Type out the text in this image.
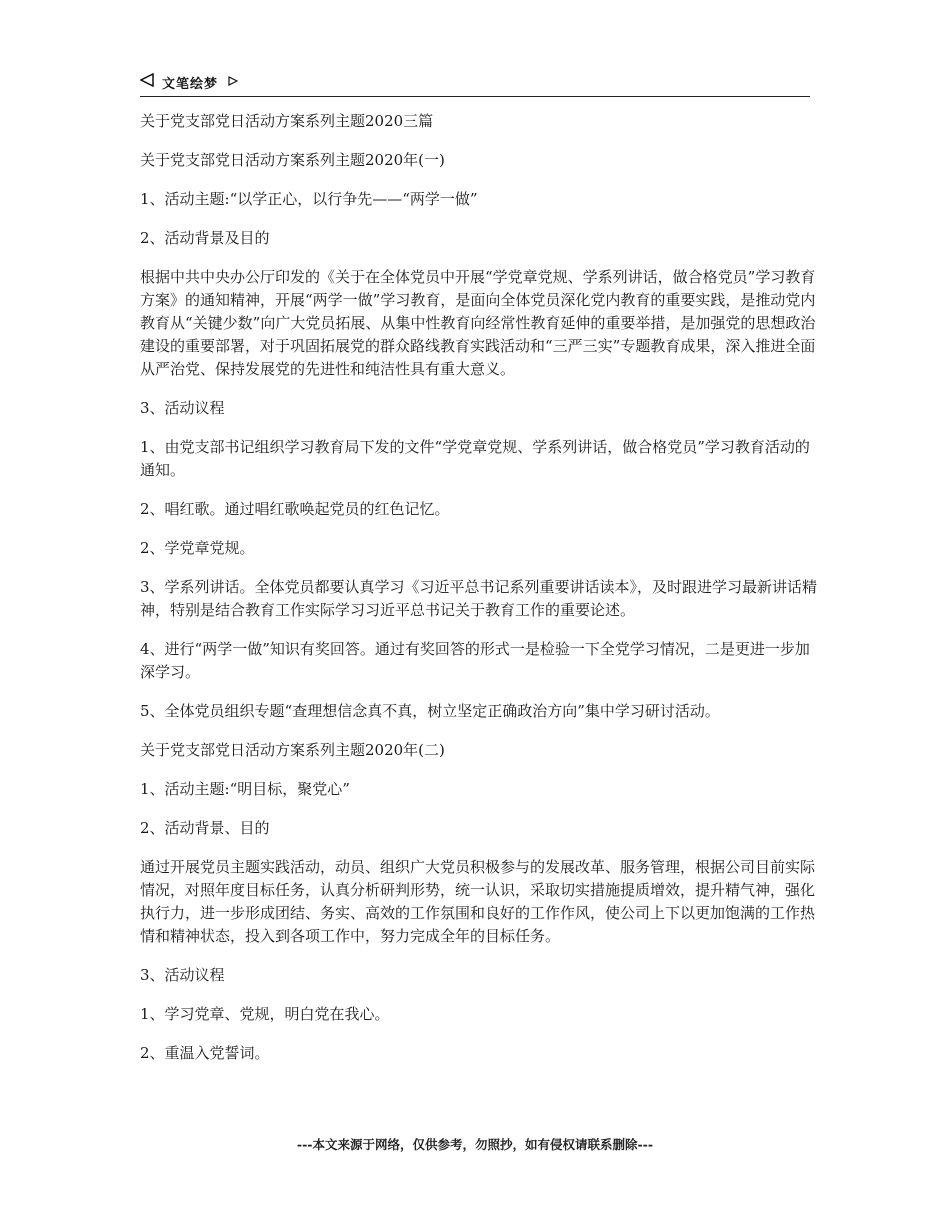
文笔绘梦

关于党支部党日活动方案系列主题2020三篇

关于党支部党日活动方案系列主题2020年(一)

1、活动主题:“以学正心，以行争先——“两学一做”

2、活动背景及目的

根据中共中央办公厅印发的《关于在全体党员中开展“学党章党规、学系列讲话，做合格党员”学习教育方案》的通知精神，开展“两学一做”学习教育，是面向全体党员深化党内教育的重要实践，是推动党内教育从“关键少数”向广大党员拓展、从集中性教育向经常性教育延伸的重要举措，是加强党的思想政治建设的重要部署，对于巩固拓展党的群众路线教育实践活动和“三严三实”专题教育成果，深入推进全面从严治党、保持发展党的先进性和纯洁性具有重大意义。

3、活动议程

1、由党支部书记组织学习教育局下发的文件“学党章党规、学系列讲话，做合格党员”学习教育活动的通知。

2、唱红歌。通过唱红歌唤起党员的红色记忆。

2、学党章党规。

3、学系列讲话。全体党员都要认真学习《习近平总书记系列重要讲话读本》，及时跟进学习最新讲话精神，特别是结合教育工作实际学习习近平总书记关于教育工作的重要论述。

4、进行“两学一做”知识有奖回答。通过有奖回答的形式一是检验一下全党学习情况，二是更进一步加深学习。

5、全体党员组织专题“查理想信念真不真，树立坚定正确政治方向”集中学习研讨活动。

关于党支部党日活动方案系列主题2020年(二)

1、活动主题:“明目标，聚党心”

2、活动背景、目的

通过开展党员主题实践活动，动员、组织广大党员积极参与的发展改革、服务管理，根据公司目前实际情况，对照年度目标任务，认真分析研判形势，统一认识，采取切实措施提质增效，提升精气神，强化执行力，进一步形成团结、务实、高效的工作氛围和良好的工作作风，使公司上下以更加饱满的工作热情和精神状态，投入到各项工作中，努力完成全年的目标任务。

3、活动议程

1、学习党章、党规，明白党在我心。

2、重温入党誓词。

---本文来源于网络，仅供参考，勿照抄，如有侵权请联系删除---
